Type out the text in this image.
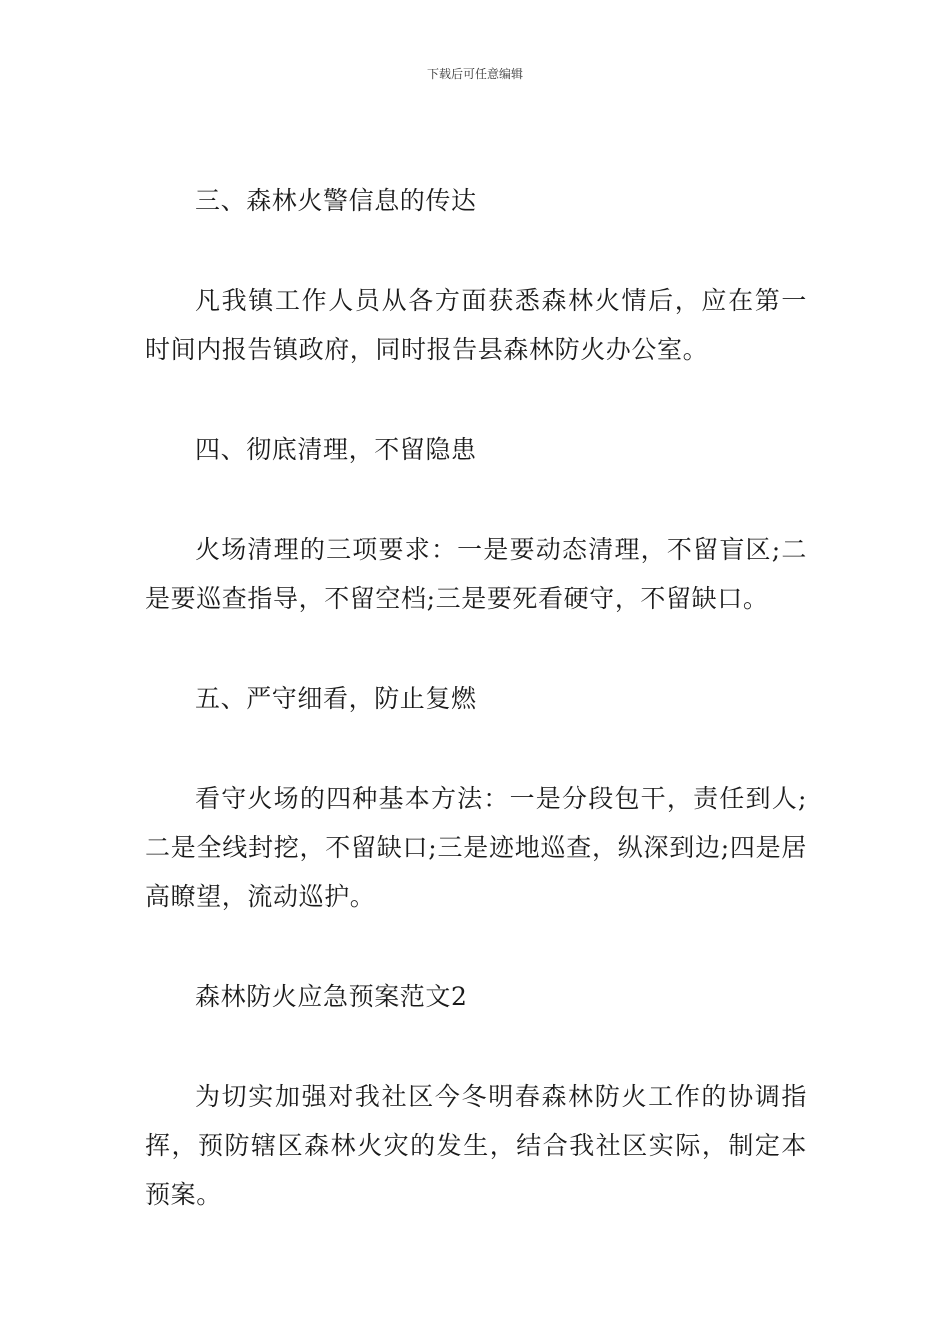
下载后可任意编辑

三、森林火警信息的传达

凡我镇工作人员从各方面获悉森林火情后，应在第一时间内报告镇政府，同时报告县森林防火办公室。

四、彻底清理，不留隐患

火场清理的三项要求：一是要动态清理，不留盲区;二是要巡查指导，不留空档;三是要死看硬守，不留缺口。

五、严守细看，防止复燃

看守火场的四种基本方法：一是分段包干，责任到人;二是全线封挖，不留缺口;三是迹地巡查，纵深到边;四是居高瞭望，流动巡护。

森林防火应急预案范文2

为切实加强对我社区今冬明春森林防火工作的协调指挥，预防辖区森林火灾的发生，结合我社区实际，制定本预案。
